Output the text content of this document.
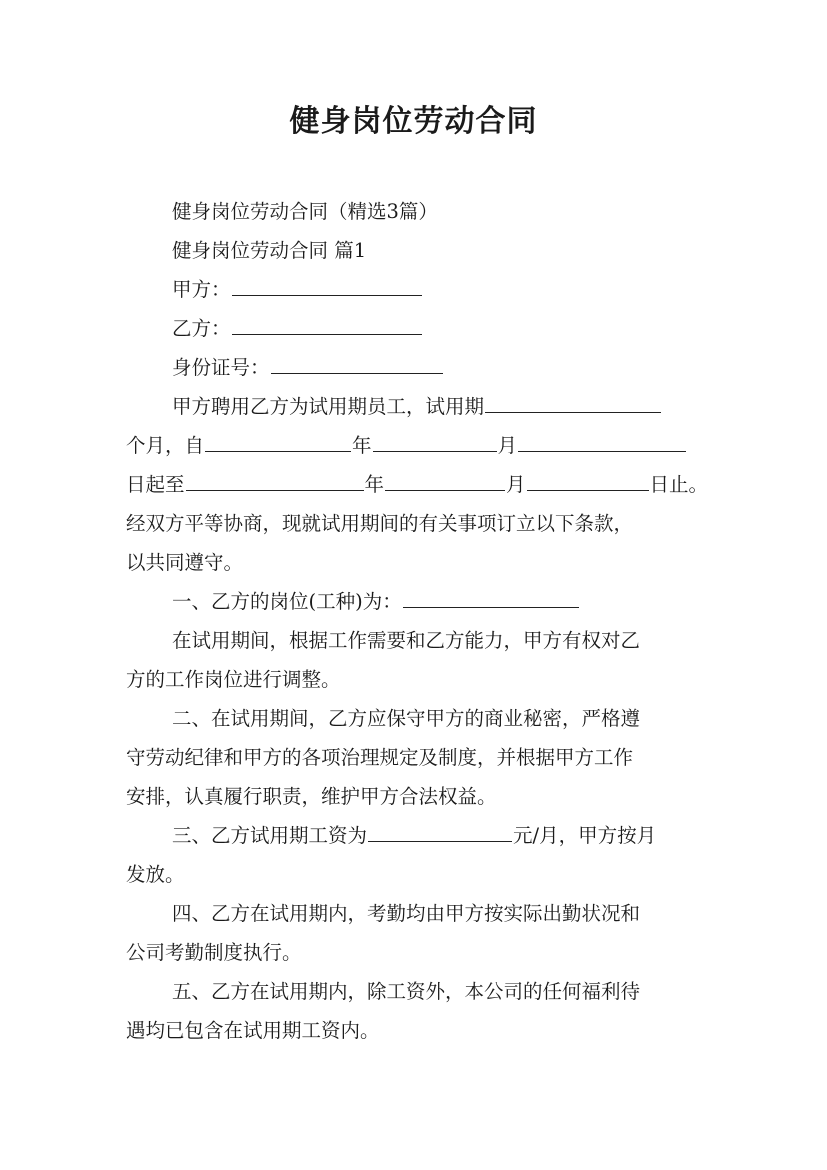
健身岗位劳动合同
健身岗位劳动合同（精选3篇）
健身岗位劳动合同 篇1
甲方：
乙方：
身份证号：
甲方聘用乙方为试用期员工，试用期
个月，自	年	月
日起至	年	月	日止。
经双方平等协商，现就试用期间的有关事项订立以下条款，
以共同遵守。
一、乙方的岗位(工种)为：
在试用期间，根据工作需要和乙方能力，甲方有权对乙
方的工作岗位进行调整。
二、在试用期间，乙方应保守甲方的商业秘密，严格遵
守劳动纪律和甲方的各项治理规定及制度，并根据甲方工作
安排，认真履行职责，维护甲方合法权益。
三、乙方试用期工资为	元/月，甲方按月
发放。
四、乙方在试用期内，考勤均由甲方按实际出勤状况和
公司考勤制度执行。
五、乙方在试用期内，除工资外，本公司的任何福利待
遇均已包含在试用期工资内。
